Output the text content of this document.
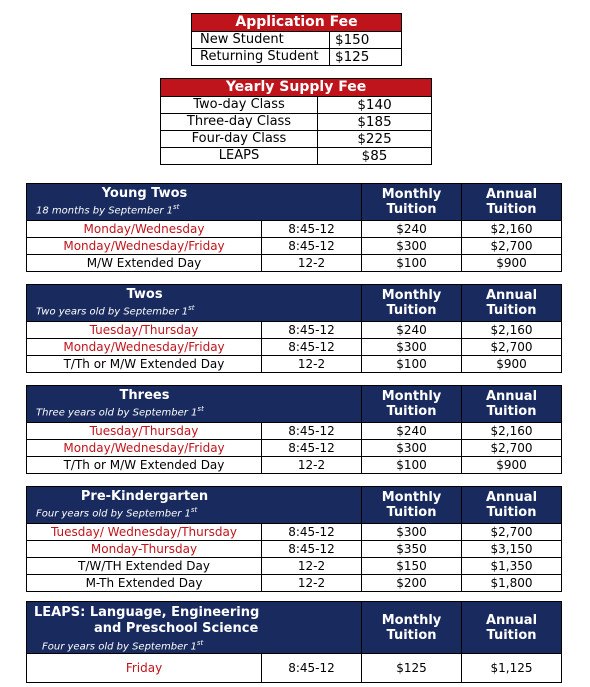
Application Fee	
New Student	$150
Returning Student	$125
Yearly Supply Fee	
Two-day Class	$140
Three-day Class	$185
Four-day Class	$225
LEAPS	$85
Young Twos
18 months by September 1st		Monthly Tuition	Annual Tuition
Monday/Wednesday	8:45-12	$240	$2,160
Monday/Wednesday/Friday	8:45-12	$300	$2,700
M/W Extended Day	12-2	$100	$900
Twos
Two years old by September 1st		Monthly Tuition	Annual Tuition
Tuesday/Thursday	8:45-12	$240	$2,160
Monday/Wednesday/Friday	8:45-12	$300	$2,700
T/Th or M/W Extended Day	12-2	$100	$900
Threes
Three years old by September 1st		Monthly Tuition	Annual Tuition
Tuesday/Thursday	8:45-12	$240	$2,160
Monday/Wednesday/Friday	8:45-12	$300	$2,700
T/Th or M/W Extended Day	12-2	$100	$900
Pre-Kindergarten
Four years old by September 1st		Monthly Tuition	Annual Tuition
Tuesday/ Wednesday/Thursday	8:45-12	$300	$2,700
Monday-Thursday	8:45-12	$350	$3,150
T/W/TH Extended Day	12-2	$150	$1,350
M-Th Extended Day	12-2	$200	$1,800
LEAPS: Language, Engineering
and Preschool Science
Four years old by September 1st		Monthly Tuition	Annual Tuition
Friday	8:45-12	$125	$1,125
